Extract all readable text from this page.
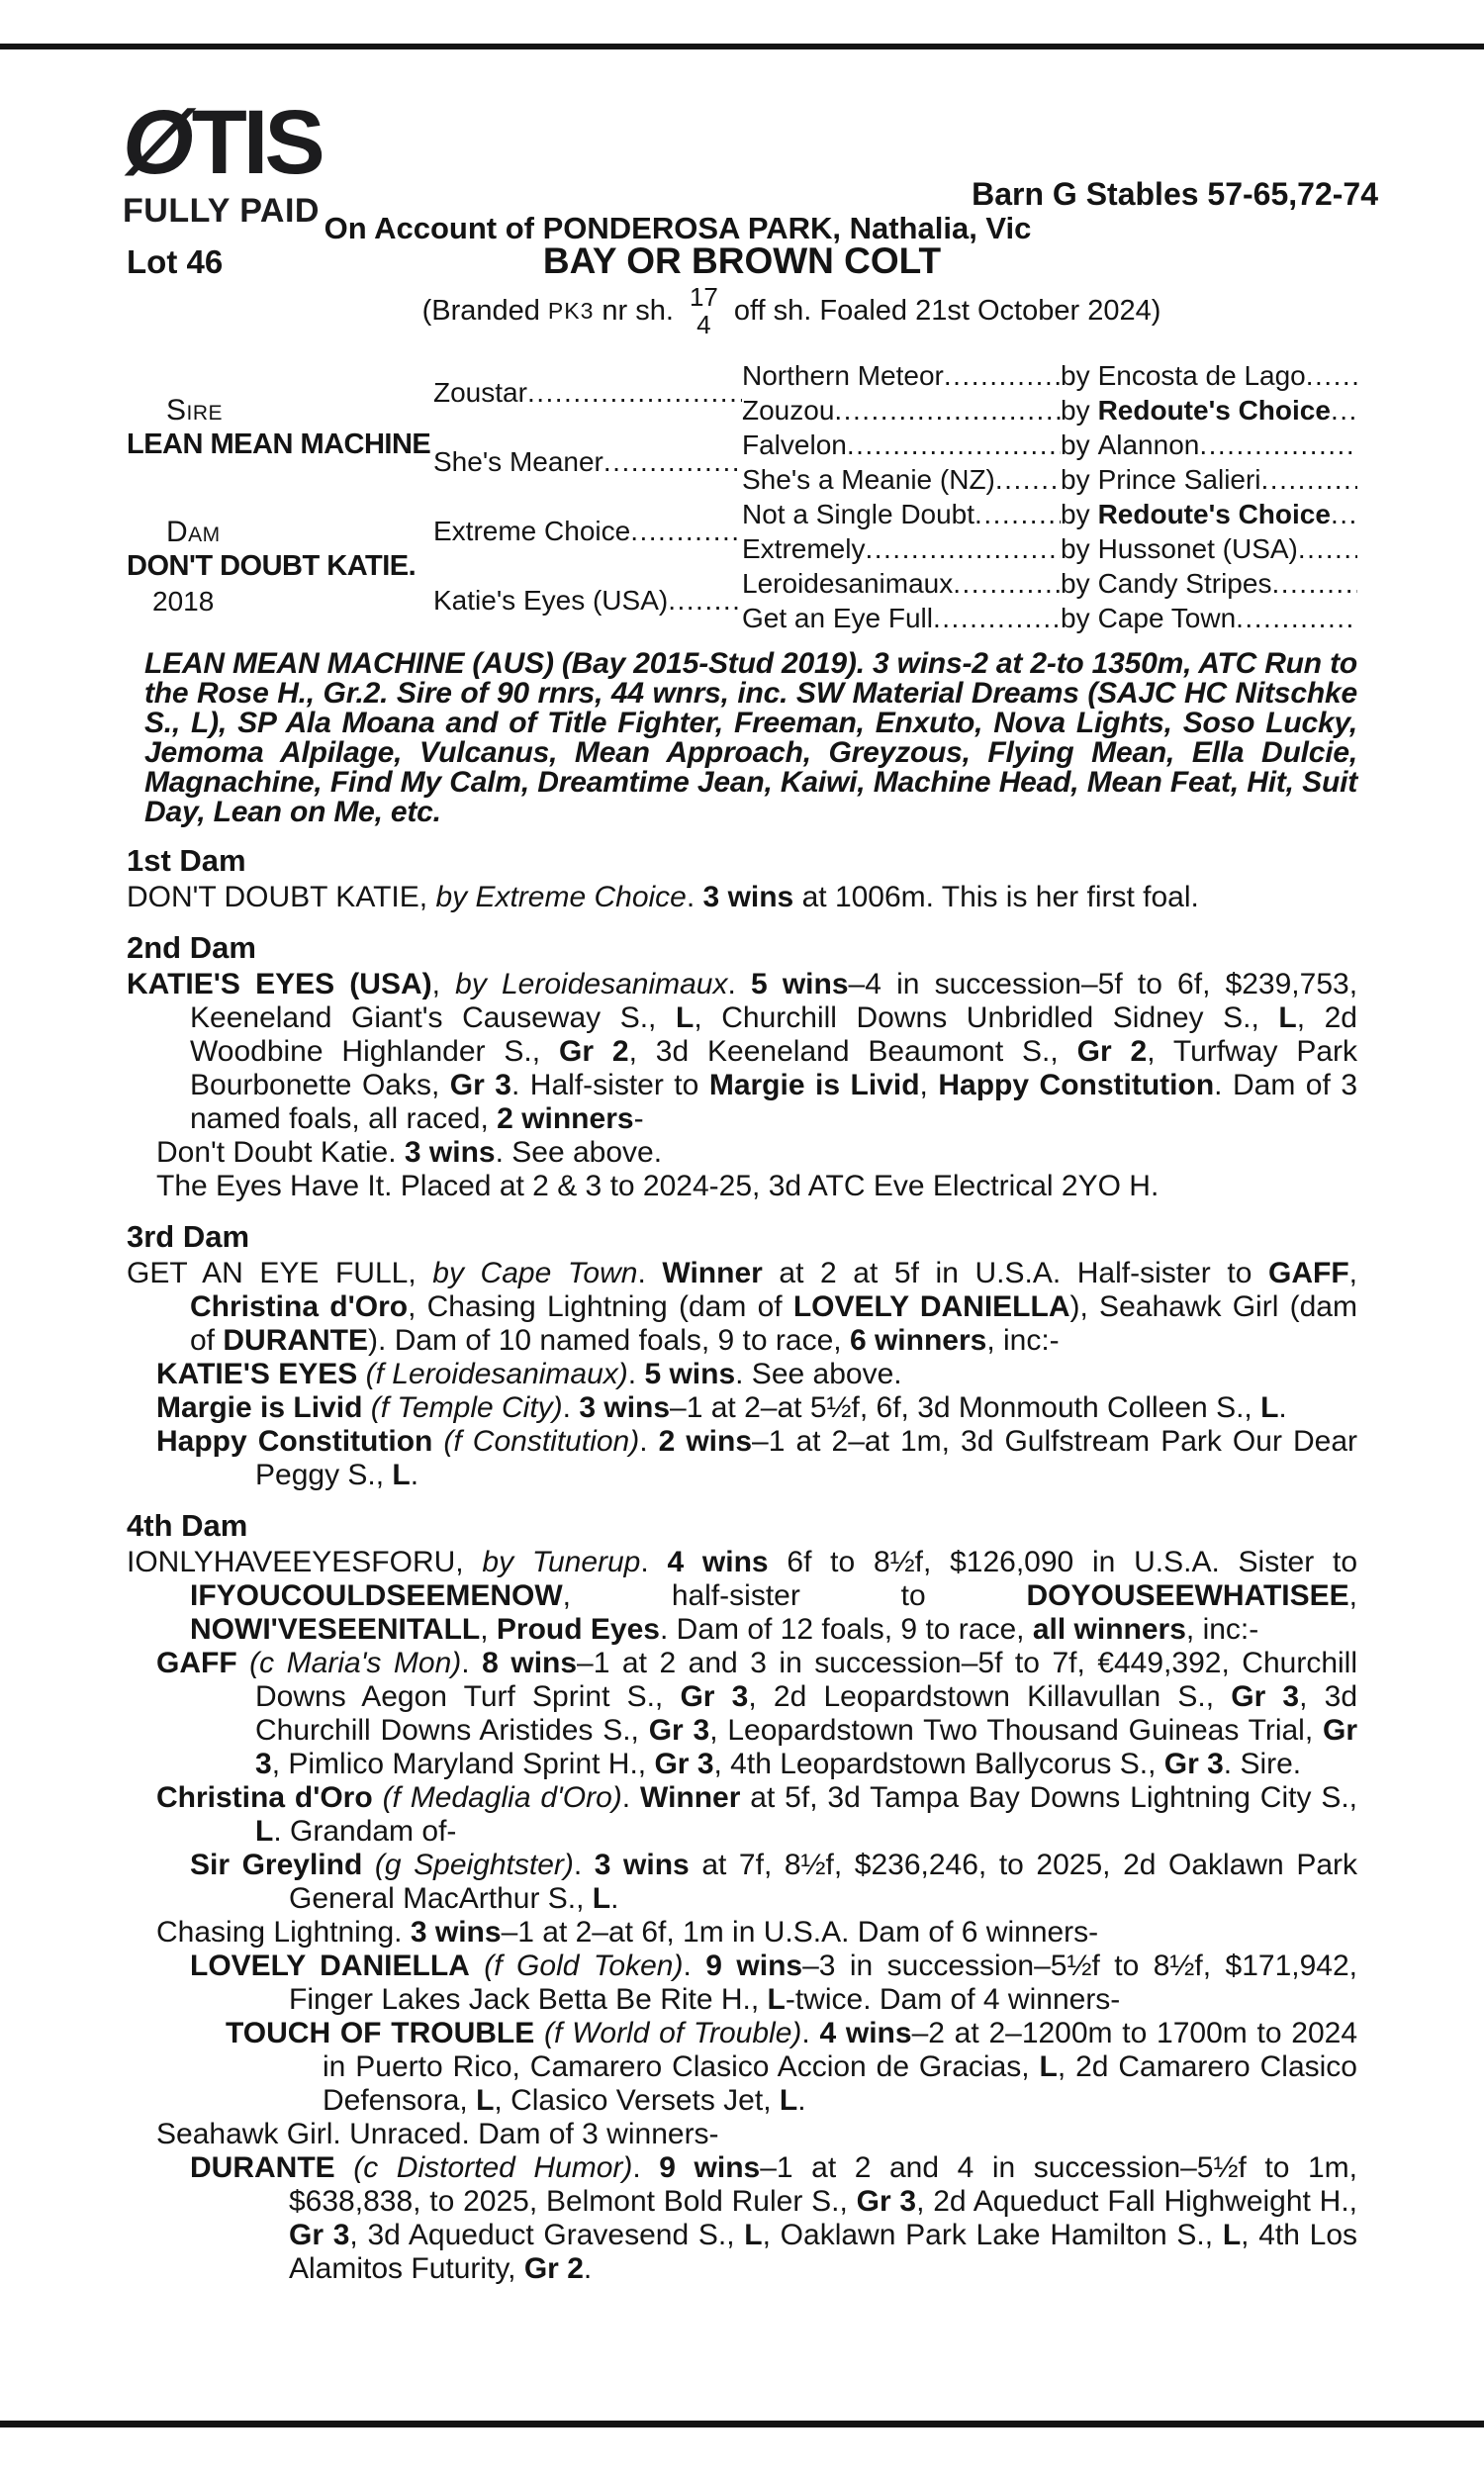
ØTIS
FULLY PAID	Barn G Stables 57-65,72-74
On Account of PONDEROSA PARK, Nathalia, Vic
Lot 46	BAY OR BROWN COLT
(Branded PK3 nr sh. 17
4 off sh. Foaled 21st October 2024)
Sire
LEAN MEAN MACHINE
Dam
DON'T DOUBT KATIE.
2018
Zoustar
.....
She's Meaner
.....
Extreme Choice
.....
Katie's Eyes (USA)
.....
Northern Meteor
.....
Zouzou
.....
Falvelon
.....
She's a Meanie (NZ)
.....
Not a Single Doubt
.....
Extremely
.....
Leroidesanimaux
.....
Get an Eye Full
.....
by Encosta de Lago
.....
by Redoute's Choice
.....
by Alannon
.....
by Prince Salieri
.....
by Redoute's Choice
.....
by Hussonet (USA)
.....
by Candy Stripes
.....
by Cape Town
.....
LEAN MEAN MACHINE (AUS) (Bay 2015-Stud 2019). 3 wins-2 at 2-to 1350m, ATC Run to the Rose H., Gr.2. Sire of 90 rnrs, 44 wnrs, inc. SW Material Dreams (SAJC HC Nitschke S., L), SP Ala Moana and of Title Fighter, Freeman, Enxuto, Nova Lights, Soso Lucky, Jemoma Alpilage, Vulcanus, Mean Approach, Greyzous, Flying Mean, Ella Dulcie, Magnachine, Find My Calm, Dreamtime Jean, Kaiwi, Machine Head, Mean Feat, Hit, Suit Day, Lean on Me, etc.
1st Dam

DON'T DOUBT KATIE, by Extreme Choice. 3 wins at 1006m. This is her first foal.

2nd Dam

KATIE'S EYES (USA), by Leroidesanimaux. 5 wins–4 in succession–5f to 6f, $239,753, Keeneland Giant's Causeway S., L, Churchill Downs Unbridled Sidney S., L, 2d Woodbine Highlander S., Gr 2, 3d Keeneland Beaumont S., Gr 2, Turfway Park Bourbonette Oaks, Gr 3. Half-sister to Margie is Livid, Happy Constitution. Dam of 3 named foals, all raced, 2 winners-

Don't Doubt Katie. 3 wins. See above.

The Eyes Have It. Placed at 2 & 3 to 2024-25, 3d ATC Eve Electrical 2YO H.

3rd Dam

GET AN EYE FULL, by Cape Town. Winner at 2 at 5f in U.S.A. Half-sister to GAFF, Christina d'Oro, Chasing Lightning (dam of LOVELY DANIELLA), Seahawk Girl (dam of DURANTE). Dam of 10 named foals, 9 to race, 6 winners, inc:-

KATIE'S EYES (f Leroidesanimaux). 5 wins. See above.

Margie is Livid (f Temple City). 3 wins–1 at 2–at 5½f, 6f, 3d Monmouth Colleen S., L.

Happy Constitution (f Constitution). 2 wins–1 at 2–at 1m, 3d Gulfstream Park Our Dear Peggy S., L.

4th Dam

IONLYHAVEEYESFORU, by Tunerup. 4 wins 6f to 8½f, $126,090 in U.S.A. Sister to IFYOUCOULDSEEMENOW, half-sister to DOYOUSEEWHATISEE, NOWI'VESEENITALL, Proud Eyes. Dam of 12 foals, 9 to race, all winners, inc:-

GAFF (c Maria's Mon). 8 wins–1 at 2 and 3 in succession–5f to 7f, €449,392, Churchill Downs Aegon Turf Sprint S., Gr 3, 2d Leopardstown Killavullan S., Gr 3, 3d Churchill Downs Aristides S., Gr 3, Leopardstown Two Thousand Guineas Trial, Gr 3, Pimlico Maryland Sprint H., Gr 3, 4th Leopardstown Ballycorus S., Gr 3. Sire.

Christina d'Oro (f Medaglia d'Oro). Winner at 5f, 3d Tampa Bay Downs Lightning City S., L. Grandam of-

Sir Greylind (g Speightster). 3 wins at 7f, 8½f, $236,246, to 2025, 2d Oaklawn Park General MacArthur S., L.

Chasing Lightning. 3 wins–1 at 2–at 6f, 1m in U.S.A. Dam of 6 winners-

LOVELY DANIELLA (f Gold Token). 9 wins–3 in succession–5½f to 8½f, $171,942, Finger Lakes Jack Betta Be Rite H., L-twice. Dam of 4 winners-

TOUCH OF TROUBLE (f World of Trouble). 4 wins–2 at 2–1200m to 1700m to 2024 in Puerto Rico, Camarero Clasico Accion de Gracias, L, 2d Camarero Clasico Defensora, L, Clasico Versets Jet, L.

Seahawk Girl. Unraced. Dam of 3 winners-

DURANTE (c Distorted Humor). 9 wins–1 at 2 and 4 in succession–5½f to 1m, $638,838, to 2025, Belmont Bold Ruler S., Gr 3, 2d Aqueduct Fall Highweight H., Gr 3, 3d Aqueduct Gravesend S., L, Oaklawn Park Lake Hamilton S., L, 4th Los Alamitos Futurity, Gr 2.
